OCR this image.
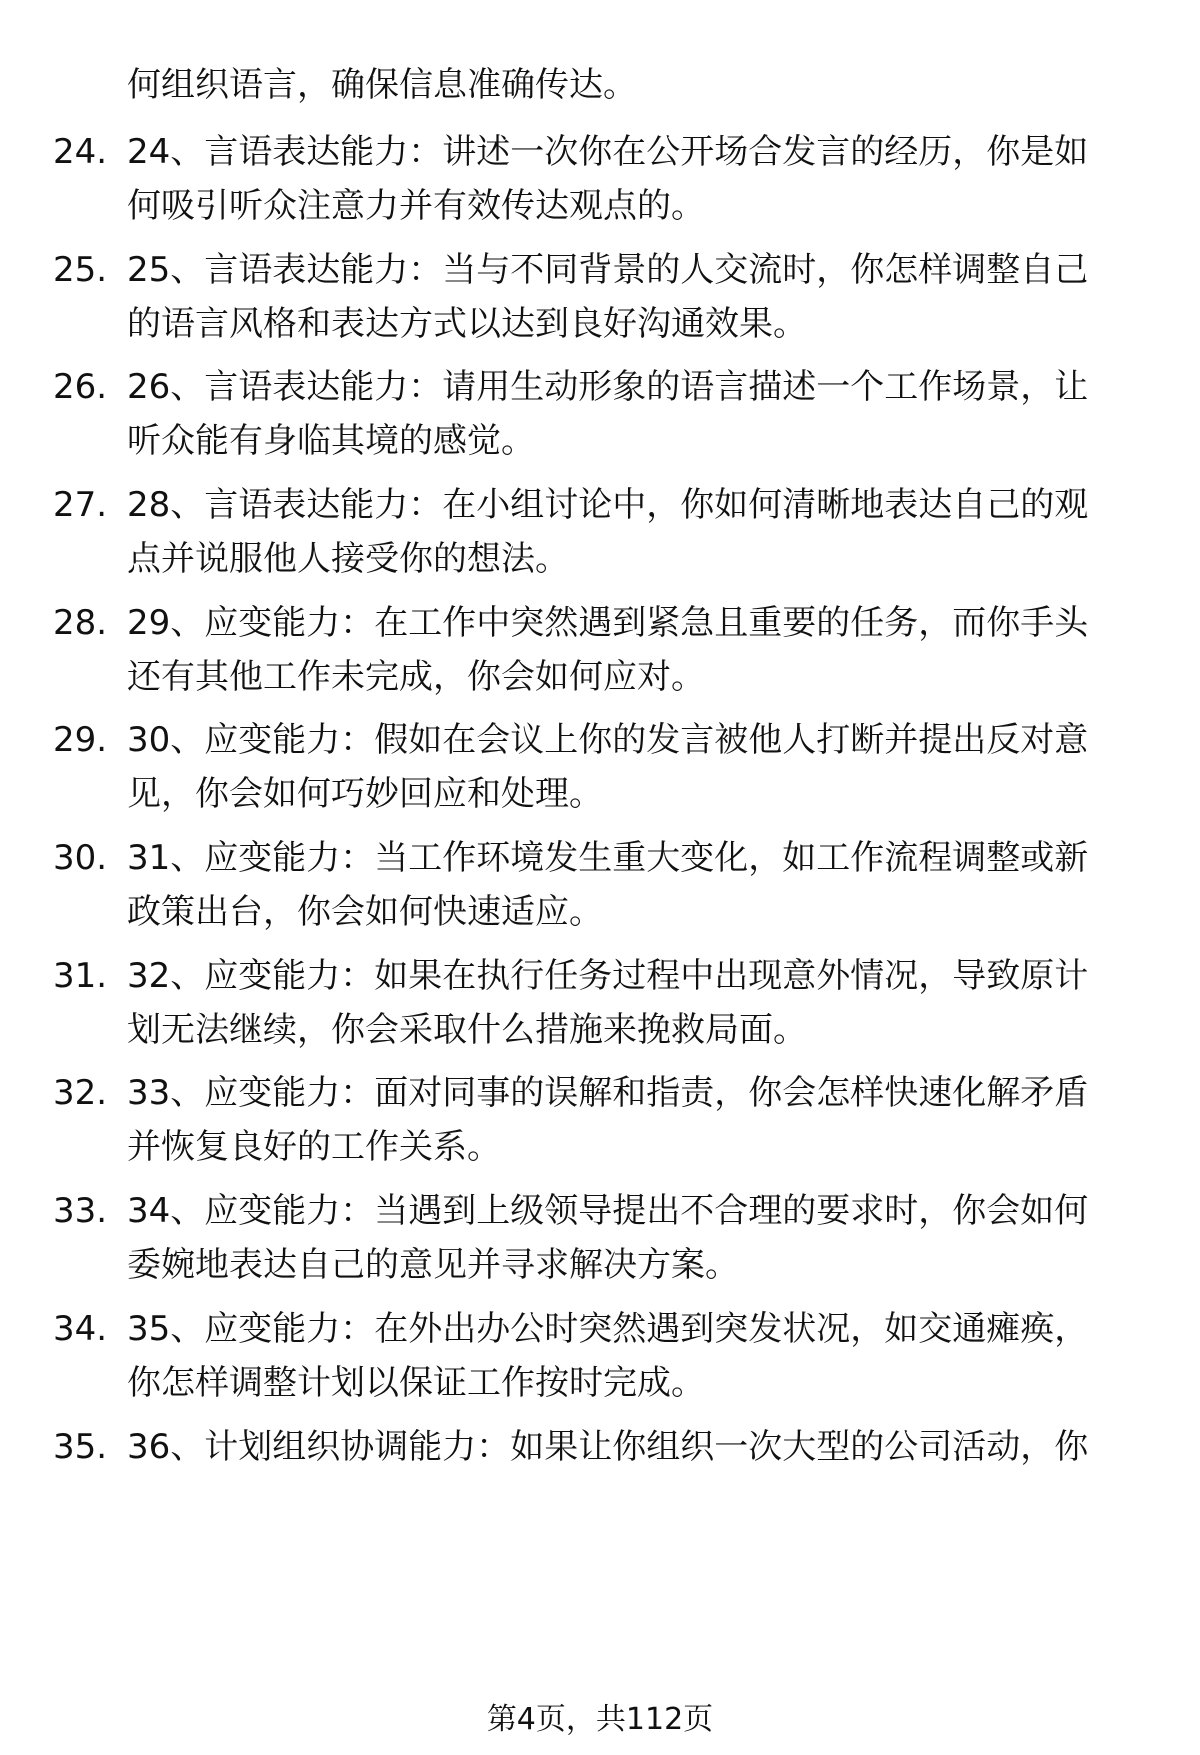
何组织语言，确保信息准确传达。
24. 24、言语表达能力：讲述一次你在公开场合发言的经历，你是如
何吸引听众注意力并有效传达观点的。
25. 25、言语表达能力：当与不同背景的人交流时，你怎样调整自己
的语言风格和表达方式以达到良好沟通效果。
26. 26、言语表达能力：请用生动形象的语言描述一个工作场景，让
听众能有身临其境的感觉。
27. 28、言语表达能力：在小组讨论中，你如何清晰地表达自己的观
点并说服他人接受你的想法。
28. 29、应变能力：在工作中突然遇到紧急且重要的任务，而你手头
还有其他工作未完成，你会如何应对。
29. 30、应变能力：假如在会议上你的发言被他人打断并提出反对意
见，你会如何巧妙回应和处理。
30. 31、应变能力：当工作环境发生重大变化，如工作流程调整或新
政策出台，你会如何快速适应。
31. 32、应变能力：如果在执行任务过程中出现意外情况，导致原计
划无法继续，你会采取什么措施来挽救局面。
32. 33、应变能力：面对同事的误解和指责，你会怎样快速化解矛盾
并恢复良好的工作关系。
33. 34、应变能力：当遇到上级领导提出不合理的要求时，你会如何
委婉地表达自己的意见并寻求解决方案。
34. 35、应变能力：在外出办公时突然遇到突发状况，如交通瘫痪，
你怎样调整计划以保证工作按时完成。
35. 36、计划组织协调能力：如果让你组织一次大型的公司活动，你
第4页，共112页
